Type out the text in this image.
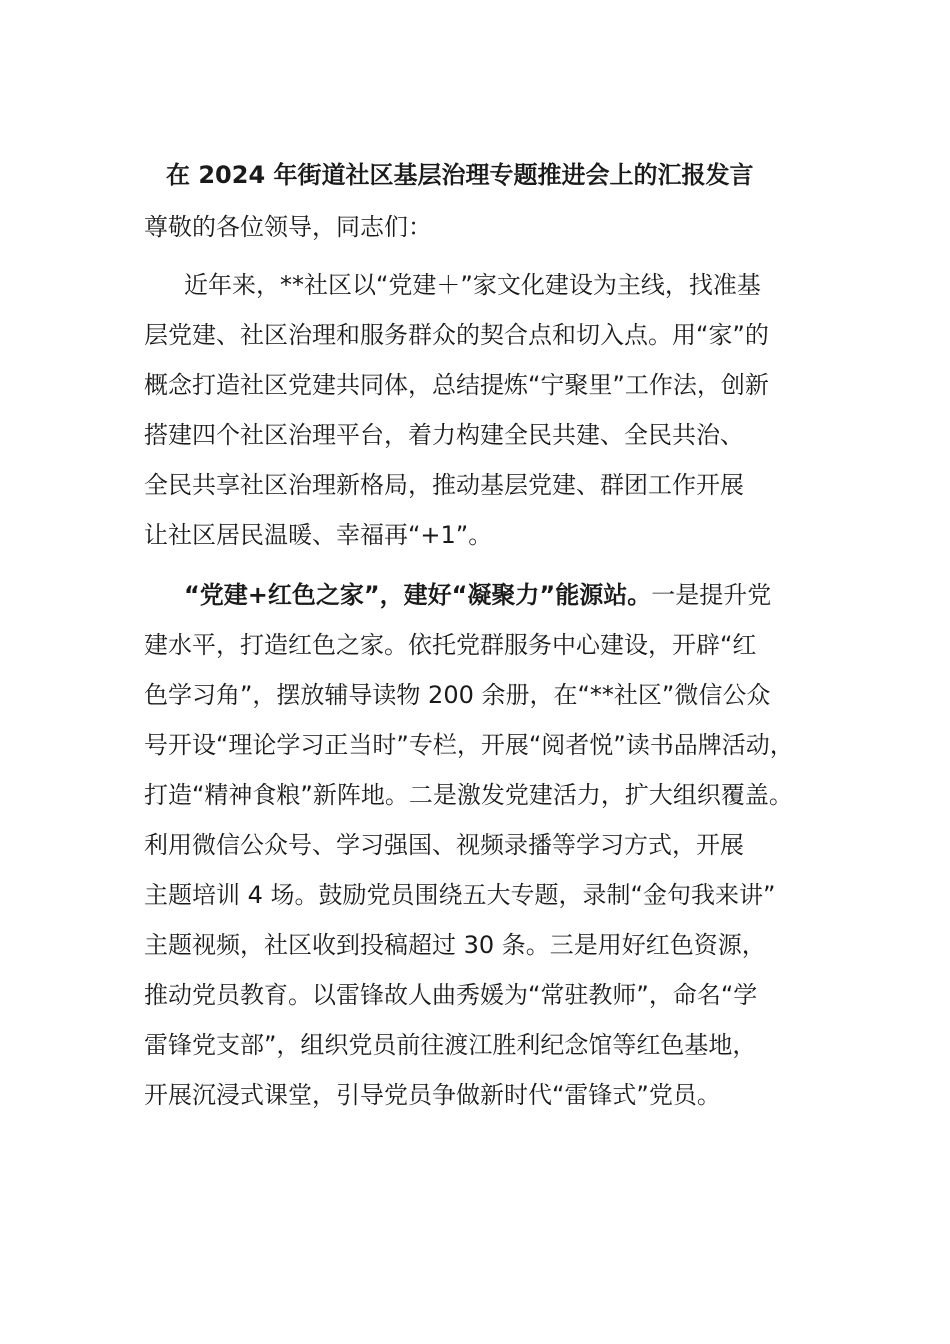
在 2024 年街道社区基层治理专题推进会上的汇报发言
尊敬的各位领导，同志们：
近年来，**社区以“党建＋”家文化建设为主线，找准基
层党建、社区治理和服务群众的契合点和切入点。用“家”的
概念打造社区党建共同体，总结提炼“宁聚里”工作法，创新
搭建四个社区治理平台，着力构建全民共建、全民共治、
全民共享社区治理新格局，推动基层党建、群团工作开展
让社区居民温暖、幸福再“+1”。
“党建+红色之家”，建好“凝聚力”能源站。一是提升党
建水平，打造红色之家。依托党群服务中心建设，开辟“红
色学习角”，摆放辅导读物 200 余册，在“**社区”微信公众
号开设“理论学习正当时”专栏，开展“阅者悦”读书品牌活动，
打造“精神食粮”新阵地。二是激发党建活力，扩大组织覆盖。
利用微信公众号、学习强国、视频录播等学习方式，开展
主题培训 4 场。鼓励党员围绕五大专题，录制“金句我来讲”
主题视频，社区收到投稿超过 30 条。三是用好红色资源，
推动党员教育。以雷锋故人曲秀媛为“常驻教师”，命名“学
雷锋党支部”，组织党员前往渡江胜利纪念馆等红色基地，
开展沉浸式课堂，引导党员争做新时代“雷锋式”党员。
